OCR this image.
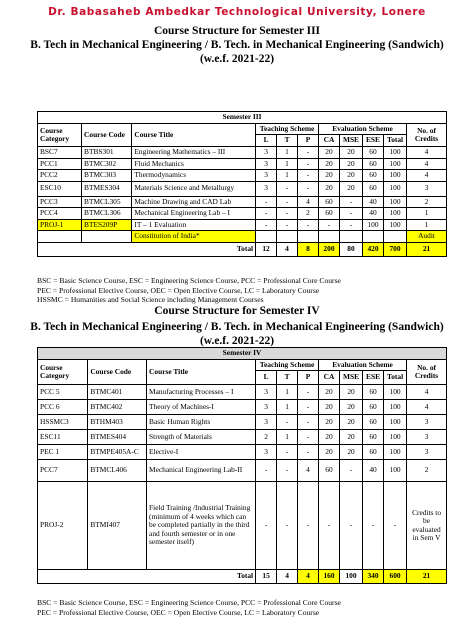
Dr. Babasaheb Ambedkar Technological University, Lonere
Course Structure for Semester III
B. Tech in Mechanical Engineering / B. Tech. in Mechanical Engineering (Sandwich)
(w.e.f. 2021-22)
Semester III										
Course Category	Course Code	Course Title	Teaching Scheme			Evaluation Scheme				No. of Credits
			L	T	P	CA	MSE	ESE	Total	
BSC7	BTBS301	Engineering Mathematics – III	3	1	-	20	20	60	100	4
PCC1	BTMC302	Fluid Mechanics	3	1	-	20	20	60	100	4
PCC2	BTMC303	Thermodynamics	3	1	-	20	20	60	100	4
ESC10	BTMES304	Materials Science and Metallurgy	3	-	-	20	20	60	100	3
PCC3	BTMCL305	Machine Drawing and CAD Lab	-	-	4	60	-	40	100	2
PCC4	BTMCL306	Mechanical Engineering Lab – I	-	-	2	60	-	40	100	1
PROJ-1	BTES209P	IT – 1 Evaluation	-	-	-	-	-	100	100	1
		Constitution of India*								Audit
Total			12	4	8	200	80	420	700	21
BSC = Basic Science Course, ESC = Engineering Science Course, PCC = Professional Core Course
PEC = Professional Elective Course, OEC = Open Elective Course, LC = Laboratory Course
HSSMC = Humanities and Social Science including Management Courses
Course Structure for Semester IV
B. Tech in Mechanical Engineering / B. Tech. in Mechanical Engineering (Sandwich)
(w.e.f. 2021-22)
Semester IV										
Course Category	Course Code	Course Title	Teaching Scheme			Evaluation Scheme				No. of Credits
			L	T	P	CA	MSE	ESE	Total	
PCC 5	BTMC401	Manufacturing Processes – I	3	1	-	20	20	60	100	4
PCC 6	BTMC402	Theory of Machines-I	3	1	-	20	20	60	100	4
HSSMC3	BTHM403	Basic Human Rights	3	-	-	20	20	60	100	3
ESC11	BTMES404	Strength of Materials	2	1	-	20	20	60	100	3
PEC 1	BTMPE405A-C	Elective-I	3	-	-	20	20	60	100	3
PCC7	BTMCL406	Mechanical Engineering Lab-II	-	-	4	60	-	40	100	2
PROJ-2	BTMI407	Field Training /Industrial Training (minimum of 4 weeks which can be completed partially in the third and fourth semester or in one semester itself)	-	-	-	-	-	-	-	Credits to be evaluated in Sem V
Total			15	4	4	160	100	340	600	21
BSC = Basic Science Course, ESC = Engineering Science Course, PCC = Professional Core Course
PEC = Professional Elective Course, OEC = Open Elective Course, LC = Laboratory Course
